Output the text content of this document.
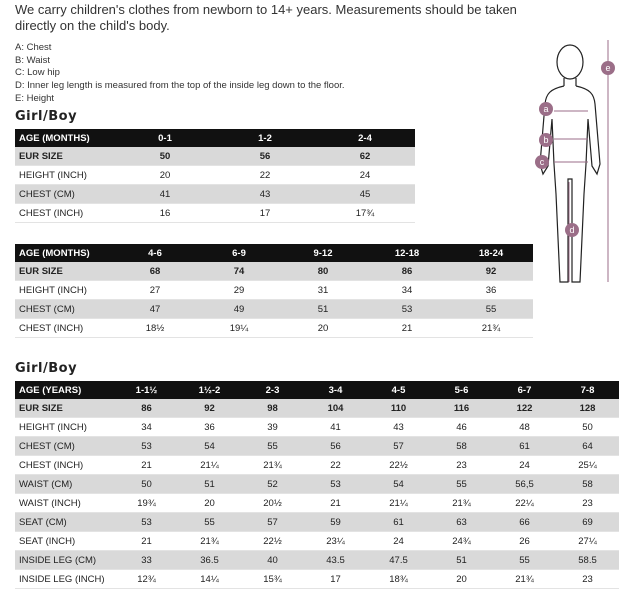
We carry children's clothes from newborn to 14+ years. Measurements should be taken directly on the child's body.
A: Chest
B: Waist
C: Low hip
D: Inner leg length is measured from the top of the inside leg down to the floor.
E: Height
Girl/Boy
AGE (MONTHS)	0-1	1-2	2-4
EUR SIZE	50	56	62
HEIGHT (INCH)	20	22	24
CHEST (CM)	41	43	45
CHEST (INCH)	16	17	17¾
AGE (MONTHS)	4-6	6-9	9-12	12-18	18-24
EUR SIZE	68	74	80	86	92
HEIGHT (INCH)	27	29	31	34	36
CHEST (CM)	47	49	51	53	55
CHEST (INCH)	18½	19¼	20	21	21¾
Girl/Boy
AGE (YEARS)	1-1½	1½-2	2-3	3-4	4-5	5-6	6-7	7-8
EUR SIZE	86	92	98	104	110	116	122	128
HEIGHT (INCH)	34	36	39	41	43	46	48	50
CHEST (CM)	53	54	55	56	57	58	61	64
CHEST (INCH)	21	21¼	21¾	22	22½	23	24	25¼
WAIST (CM)	50	51	52	53	54	55	56,5	58
WAIST (INCH)	19¾	20	20½	21	21¼	21¾	22¼	23
SEAT (CM)	53	55	57	59	61	63	66	69
SEAT (INCH)	21	21¾	22½	23¼	24	24¾	26	27¼
INSIDE LEG (CM)	33	36.5	40	43.5	47.5	51	55	58.5
INSIDE LEG (INCH)	12¾	14¼	15¾	17	18¾	20	21¾	23
a
b
c
d
e
